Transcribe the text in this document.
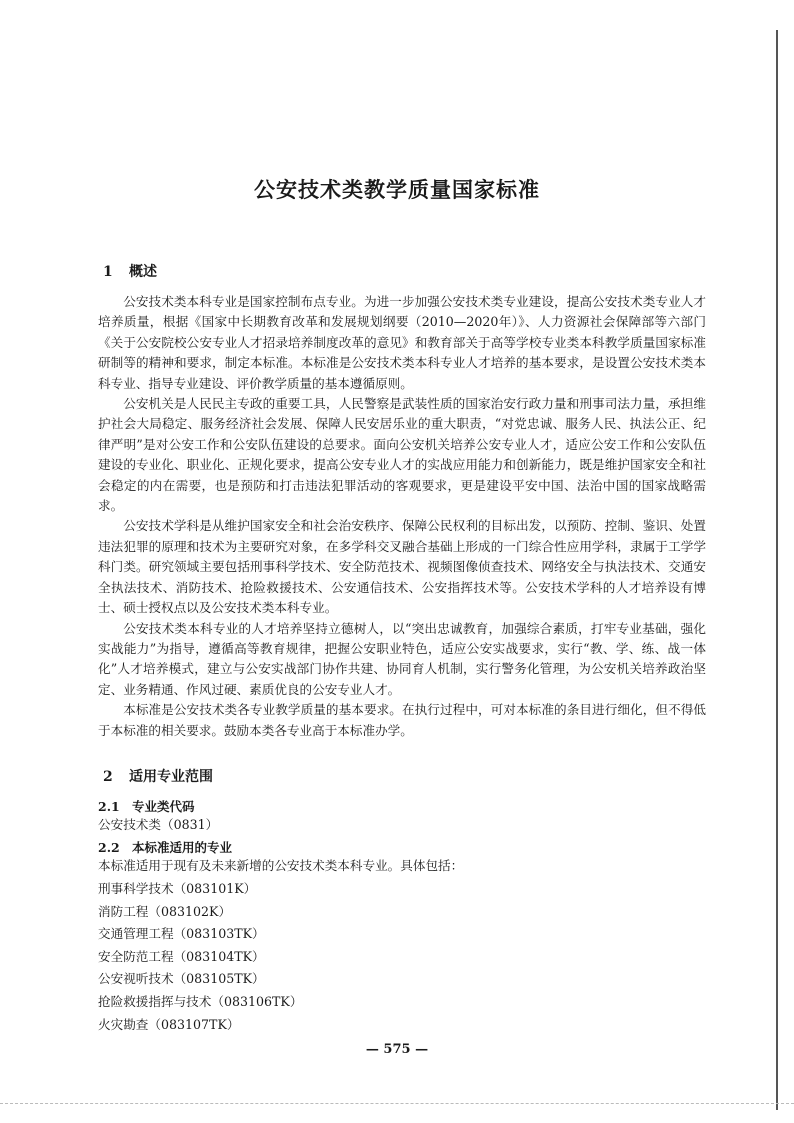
公安技术类教学质量国家标准
1 概述

公安技术类本科专业是国家控制布点专业。为进一步加强公安技术类专业建设，提高公安技术类专业人才培养质量，根据《国家中长期教育改革和发展规划纲要（2010—2020年）》、人力资源社会保障部等六部门《关于公安院校公安专业人才招录培养制度改革的意见》和教育部关于高等学校专业类本科教学质量国家标准研制等的精神和要求，制定本标准。本标准是公安技术类本科专业人才培养的基本要求，是设置公安技术类本科专业、指导专业建设、评价教学质量的基本遵循原则。

公安机关是人民民主专政的重要工具，人民警察是武装性质的国家治安行政力量和刑事司法力量，承担维护社会大局稳定、服务经济社会发展、保障人民安居乐业的重大职责，“对党忠诚、服务人民、执法公正、纪律严明”是对公安工作和公安队伍建设的总要求。面向公安机关培养公安专业人才，适应公安工作和公安队伍建设的专业化、职业化、正规化要求，提高公安专业人才的实战应用能力和创新能力，既是维护国家安全和社会稳定的内在需要，也是预防和打击违法犯罪活动的客观要求，更是建设平安中国、法治中国的国家战略需求。

公安技术学科是从维护国家安全和社会治安秩序、保障公民权利的目标出发，以预防、控制、鉴识、处置违法犯罪的原理和技术为主要研究对象，在多学科交叉融合基础上形成的一门综合性应用学科，隶属于工学学科门类。研究领域主要包括刑事科学技术、安全防范技术、视频图像侦查技术、网络安全与执法技术、交通安全执法技术、消防技术、抢险救援技术、公安通信技术、公安指挥技术等。公安技术学科的人才培养设有博士、硕士授权点以及公安技术类本科专业。

公安技术类本科专业的人才培养坚持立德树人，以“突出忠诚教育，加强综合素质，打牢专业基础，强化实战能力”为指导，遵循高等教育规律，把握公安职业特色，适应公安实战要求，实行“教、学、练、战一体化”人才培养模式，建立与公安实战部门协作共建、协同育人机制，实行警务化管理，为公安机关培养政治坚定、业务精通、作风过硬、素质优良的公安专业人才。

本标准是公安技术类各专业教学质量的基本要求。在执行过程中，可对本标准的条目进行细化，但不得低于本标准的相关要求。鼓励本类各专业高于本标准办学。

2 适用专业范围
2.1 专业类代码
公安技术类（0831）
2.2 本标准适用的专业
本标准适用于现有及未来新增的公安技术类本科专业。具体包括：
刑事科学技术（083101K）
消防工程（083102K）
交通管理工程（083103TK）
安全防范工程（083104TK）
公安视听技术（083105TK）
抢险救援指挥与技术（083106TK）
火灾勘查（083107TK）
— 575 —
